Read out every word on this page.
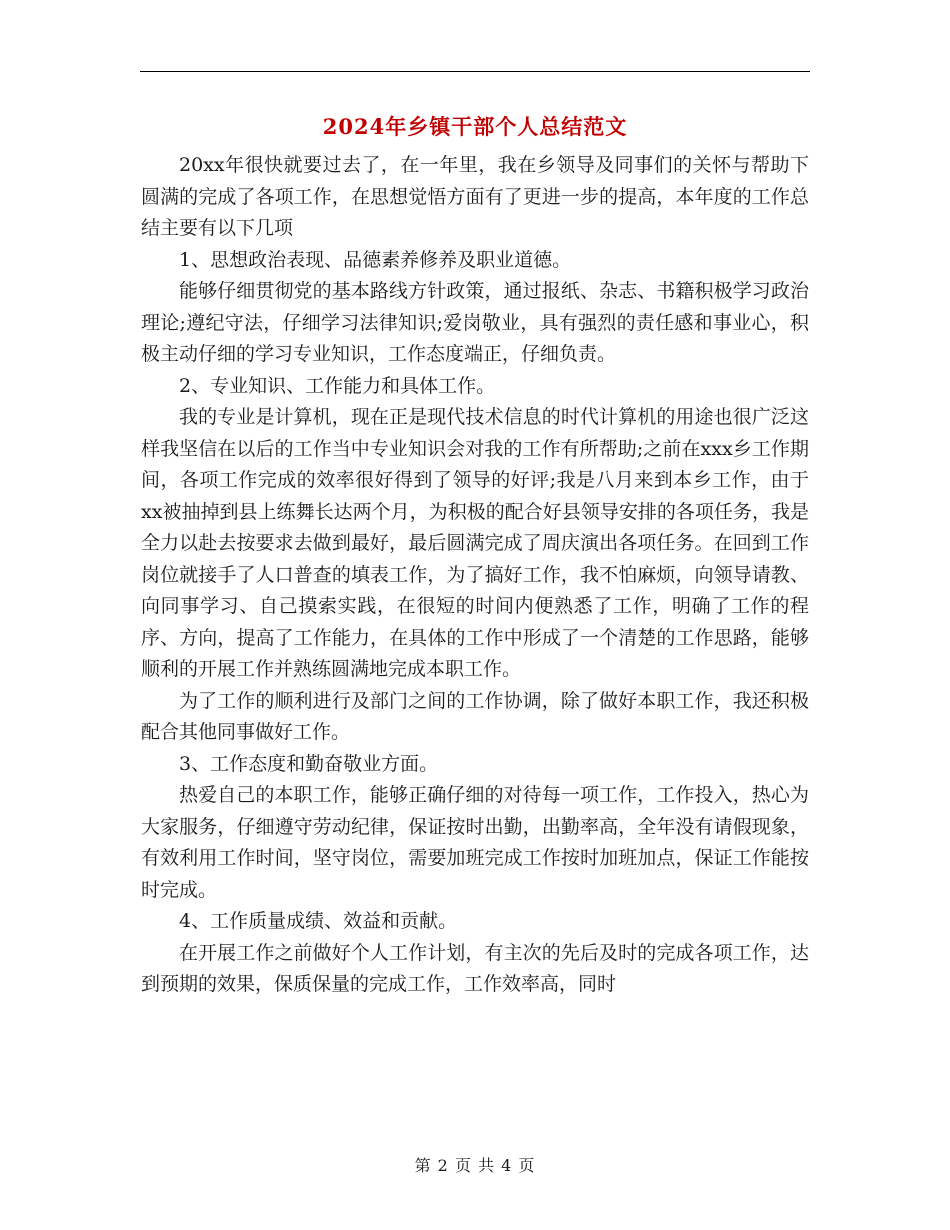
2024年乡镇干部个人总结范文

20xx年很快就要过去了，在一年里，我在乡领导及同事们的关怀与帮助下圆满的完成了各项工作，在思想觉悟方面有了更进一步的提高，本年度的工作总结主要有以下几项

1、思想政治表现、品德素养修养及职业道德。

能够仔细贯彻党的基本路线方针政策，通过报纸、杂志、书籍积极学习政治理论;遵纪守法，仔细学习法律知识;爱岗敬业，具有强烈的责任感和事业心，积极主动仔细的学习专业知识，工作态度端正，仔细负责。

2、专业知识、工作能力和具体工作。

我的专业是计算机，现在正是现代技术信息的时代计算机的用途也很广泛这样我坚信在以后的工作当中专业知识会对我的工作有所帮助;之前在xxx乡工作期间，各项工作完成的效率很好得到了领导的好评;我是八月来到本乡工作，由于xx被抽掉到县上练舞长达两个月，为积极的配合好县领导安排的各项任务，我是全力以赴去按要求去做到最好，最后圆满完成了周庆演出各项任务。在回到工作岗位就接手了人口普查的填表工作，为了搞好工作，我不怕麻烦，向领导请教、向同事学习、自己摸索实践，在很短的时间内便熟悉了工作，明确了工作的程序、方向，提高了工作能力，在具体的工作中形成了一个清楚的工作思路，能够顺利的开展工作并熟练圆满地完成本职工作。

为了工作的顺利进行及部门之间的工作协调，除了做好本职工作，我还积极配合其他同事做好工作。

3、工作态度和勤奋敬业方面。

热爱自己的本职工作，能够正确仔细的对待每一项工作，工作投入，热心为大家服务，仔细遵守劳动纪律，保证按时出勤，出勤率高，全年没有请假现象，有效利用工作时间，坚守岗位，需要加班完成工作按时加班加点，保证工作能按时完成。

4、工作质量成绩、效益和贡献。

在开展工作之前做好个人工作计划，有主次的先后及时的完成各项工作，达到预期的效果，保质保量的完成工作，工作效率高，同时

第 2 页 共 4 页
